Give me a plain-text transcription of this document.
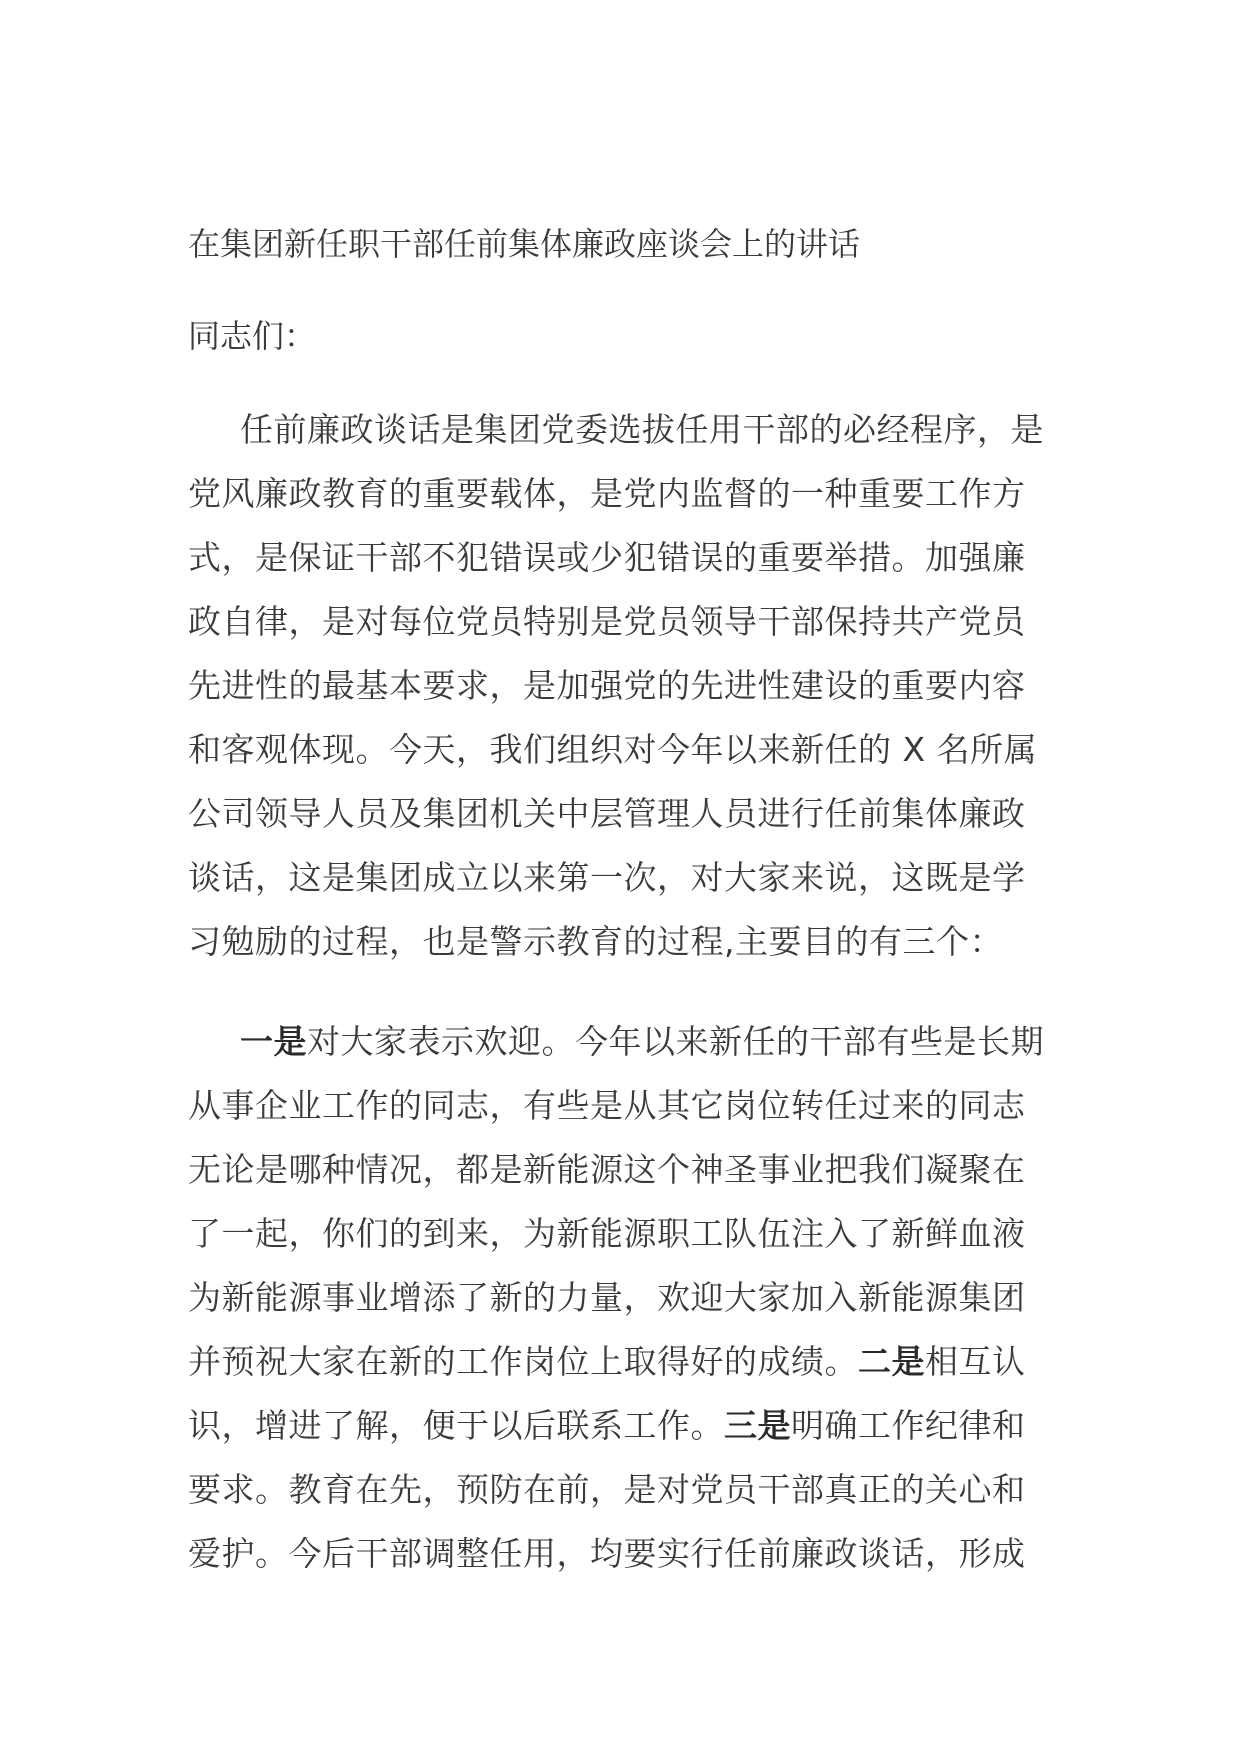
在集团新任职干部任前集体廉政座谈会上的讲话

同志们：

任前廉政谈话是集团党委选拔任用干部的必经程序，是
党风廉政教育的重要载体，是党内监督的一种重要工作方
式，是保证干部不犯错误或少犯错误的重要举措。加强廉
政自律，是对每位党员特别是党员领导干部保持共产党员
先进性的最基本要求，是加强党的先进性建设的重要内容
和客观体现。今天，我们组织对今年以来新任的 X 名所属
公司领导人员及集团机关中层管理人员进行任前集体廉政
谈话，这是集团成立以来第一次，对大家来说，这既是学
习勉励的过程，也是警示教育的过程,主要目的有三个：
一是对大家表示欢迎。今年以来新任的干部有些是长期
从事企业工作的同志，有些是从其它岗位转任过来的同志
无论是哪种情况，都是新能源这个神圣事业把我们凝聚在
了一起，你们的到来，为新能源职工队伍注入了新鲜血液
为新能源事业增添了新的力量，欢迎大家加入新能源集团
并预祝大家在新的工作岗位上取得好的成绩。二是相互认
识，增进了解，便于以后联系工作。三是明确工作纪律和
要求。教育在先，预防在前，是对党员干部真正的关心和
爱护。今后干部调整任用，均要实行任前廉政谈话，形成
